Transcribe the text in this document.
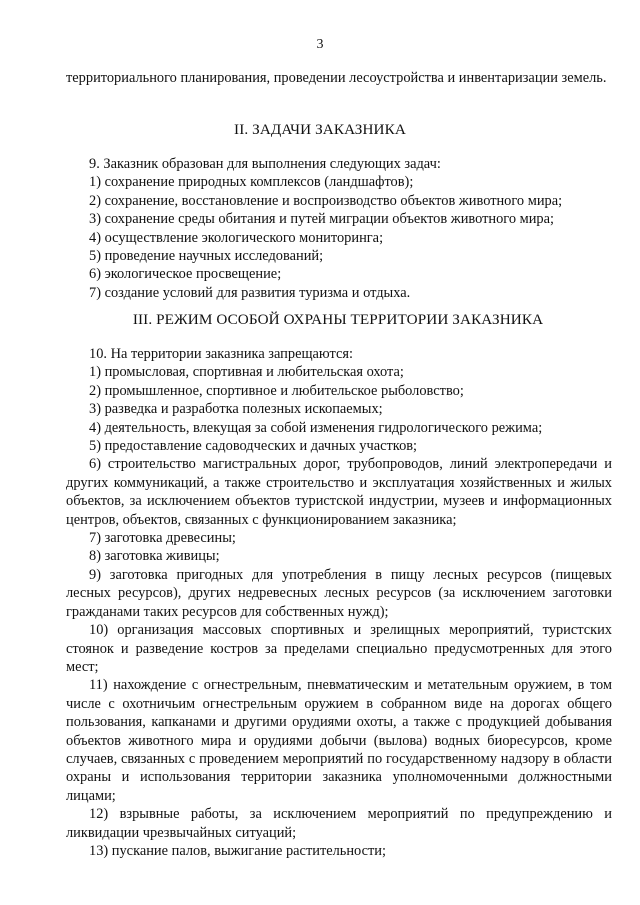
3

территориального планирования, проведении лесоустройства и инвентаризации земель.

II. ЗАДАЧИ ЗАКАЗНИКА

9. Заказник образован для выполнения следующих задач:

1) сохранение природных комплексов (ландшафтов);

2) сохранение, восстановление и воспроизводство объектов животного мира;

3) сохранение среды обитания и путей миграции объектов животного мира;

4) осуществление экологического мониторинга;

5) проведение научных исследований;

6) экологическое просвещение;

7) создание условий для развития туризма и отдыха.

III. РЕЖИМ ОСОБОЙ ОХРАНЫ ТЕРРИТОРИИ ЗАКАЗНИКА

10. На территории заказника запрещаются:

1) промысловая, спортивная и любительская охота;

2) промышленное, спортивное и любительское рыболовство;

3) разведка и разработка полезных ископаемых;

4) деятельность, влекущая за собой изменения гидрологического режима;

5) предоставление садоводческих и дачных участков;

6) строительство магистральных дорог, трубопроводов, линий электропередачи и других коммуникаций, а также строительство и эксплуатация хозяйственных и жилых объектов, за исключением объектов туристской индустрии, музеев и информационных центров, объектов, связанных с функционированием заказника;

7) заготовка древесины;

8) заготовка живицы;

9) заготовка пригодных для употребления в пищу лесных ресурсов (пищевых лесных ресурсов), других недревесных лесных ресурсов (за исключением заготовки гражданами таких ресурсов для собственных нужд);

10) организация массовых спортивных и зрелищных мероприятий, туристских стоянок и разведение костров за пределами специально предусмотренных для этого мест;

11) нахождение с огнестрельным, пневматическим и метательным оружием, в том числе с охотничьим огнестрельным оружием в собранном виде на дорогах общего пользования, капканами и другими орудиями охоты, а также с продукцией добывания объектов животного мира и орудиями добычи (вылова) водных биоресурсов, кроме случаев, связанных с проведением мероприятий по государственному надзору в области охраны и использования территории заказника уполномоченными должностными лицами;

12) взрывные работы, за исключением мероприятий по предупреждению и ликвидации чрезвычайных ситуаций;

13) пускание палов, выжигание растительности;
